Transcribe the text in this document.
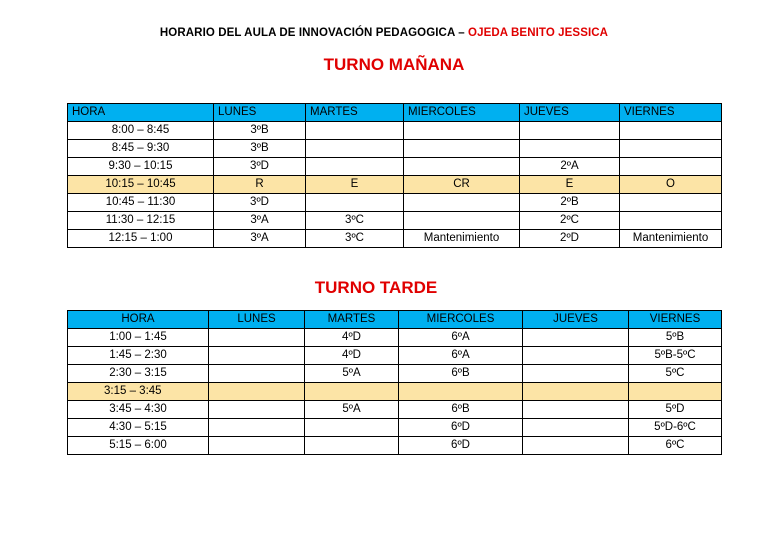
HORARIO DEL AULA DE INNOVACIÓN PEDAGOGICA – OJEDA BENITO JESSICA
TURNO MAÑANA
HORA	LUNES	MARTES	MIERCOLES	JUEVES	VIERNES
8:00 – 8:45	3ºB				
8:45 – 9:30	3ºB				
9:30 – 10:15	3ºD			2ºA	
10:15 – 10:45	R	E	CR	E	O
10:45 – 11:30	3ºD			2ºB	
11:30 – 12:15	3ºA	3ºC		2ºC	
12:15 – 1:00	3ºA	3ºC	Mantenimiento	2ºD	Mantenimiento
TURNO TARDE
HORA	LUNES	MARTES	MIERCOLES	JUEVES	VIERNES
1:00 – 1:45		4ºD	6ºA		5ºB
1:45 – 2:30		4ºD	6ºA		5ºB-5ºC
2:30 – 3:15		5ºA	6ºB		5ºC
3:15 – 3:45					
3:45 – 4:30		5ºA	6ºB		5ºD
4:30 – 5:15			6ºD		5ºD-6ºC
5:15 – 6:00			6ºD		6ºC
